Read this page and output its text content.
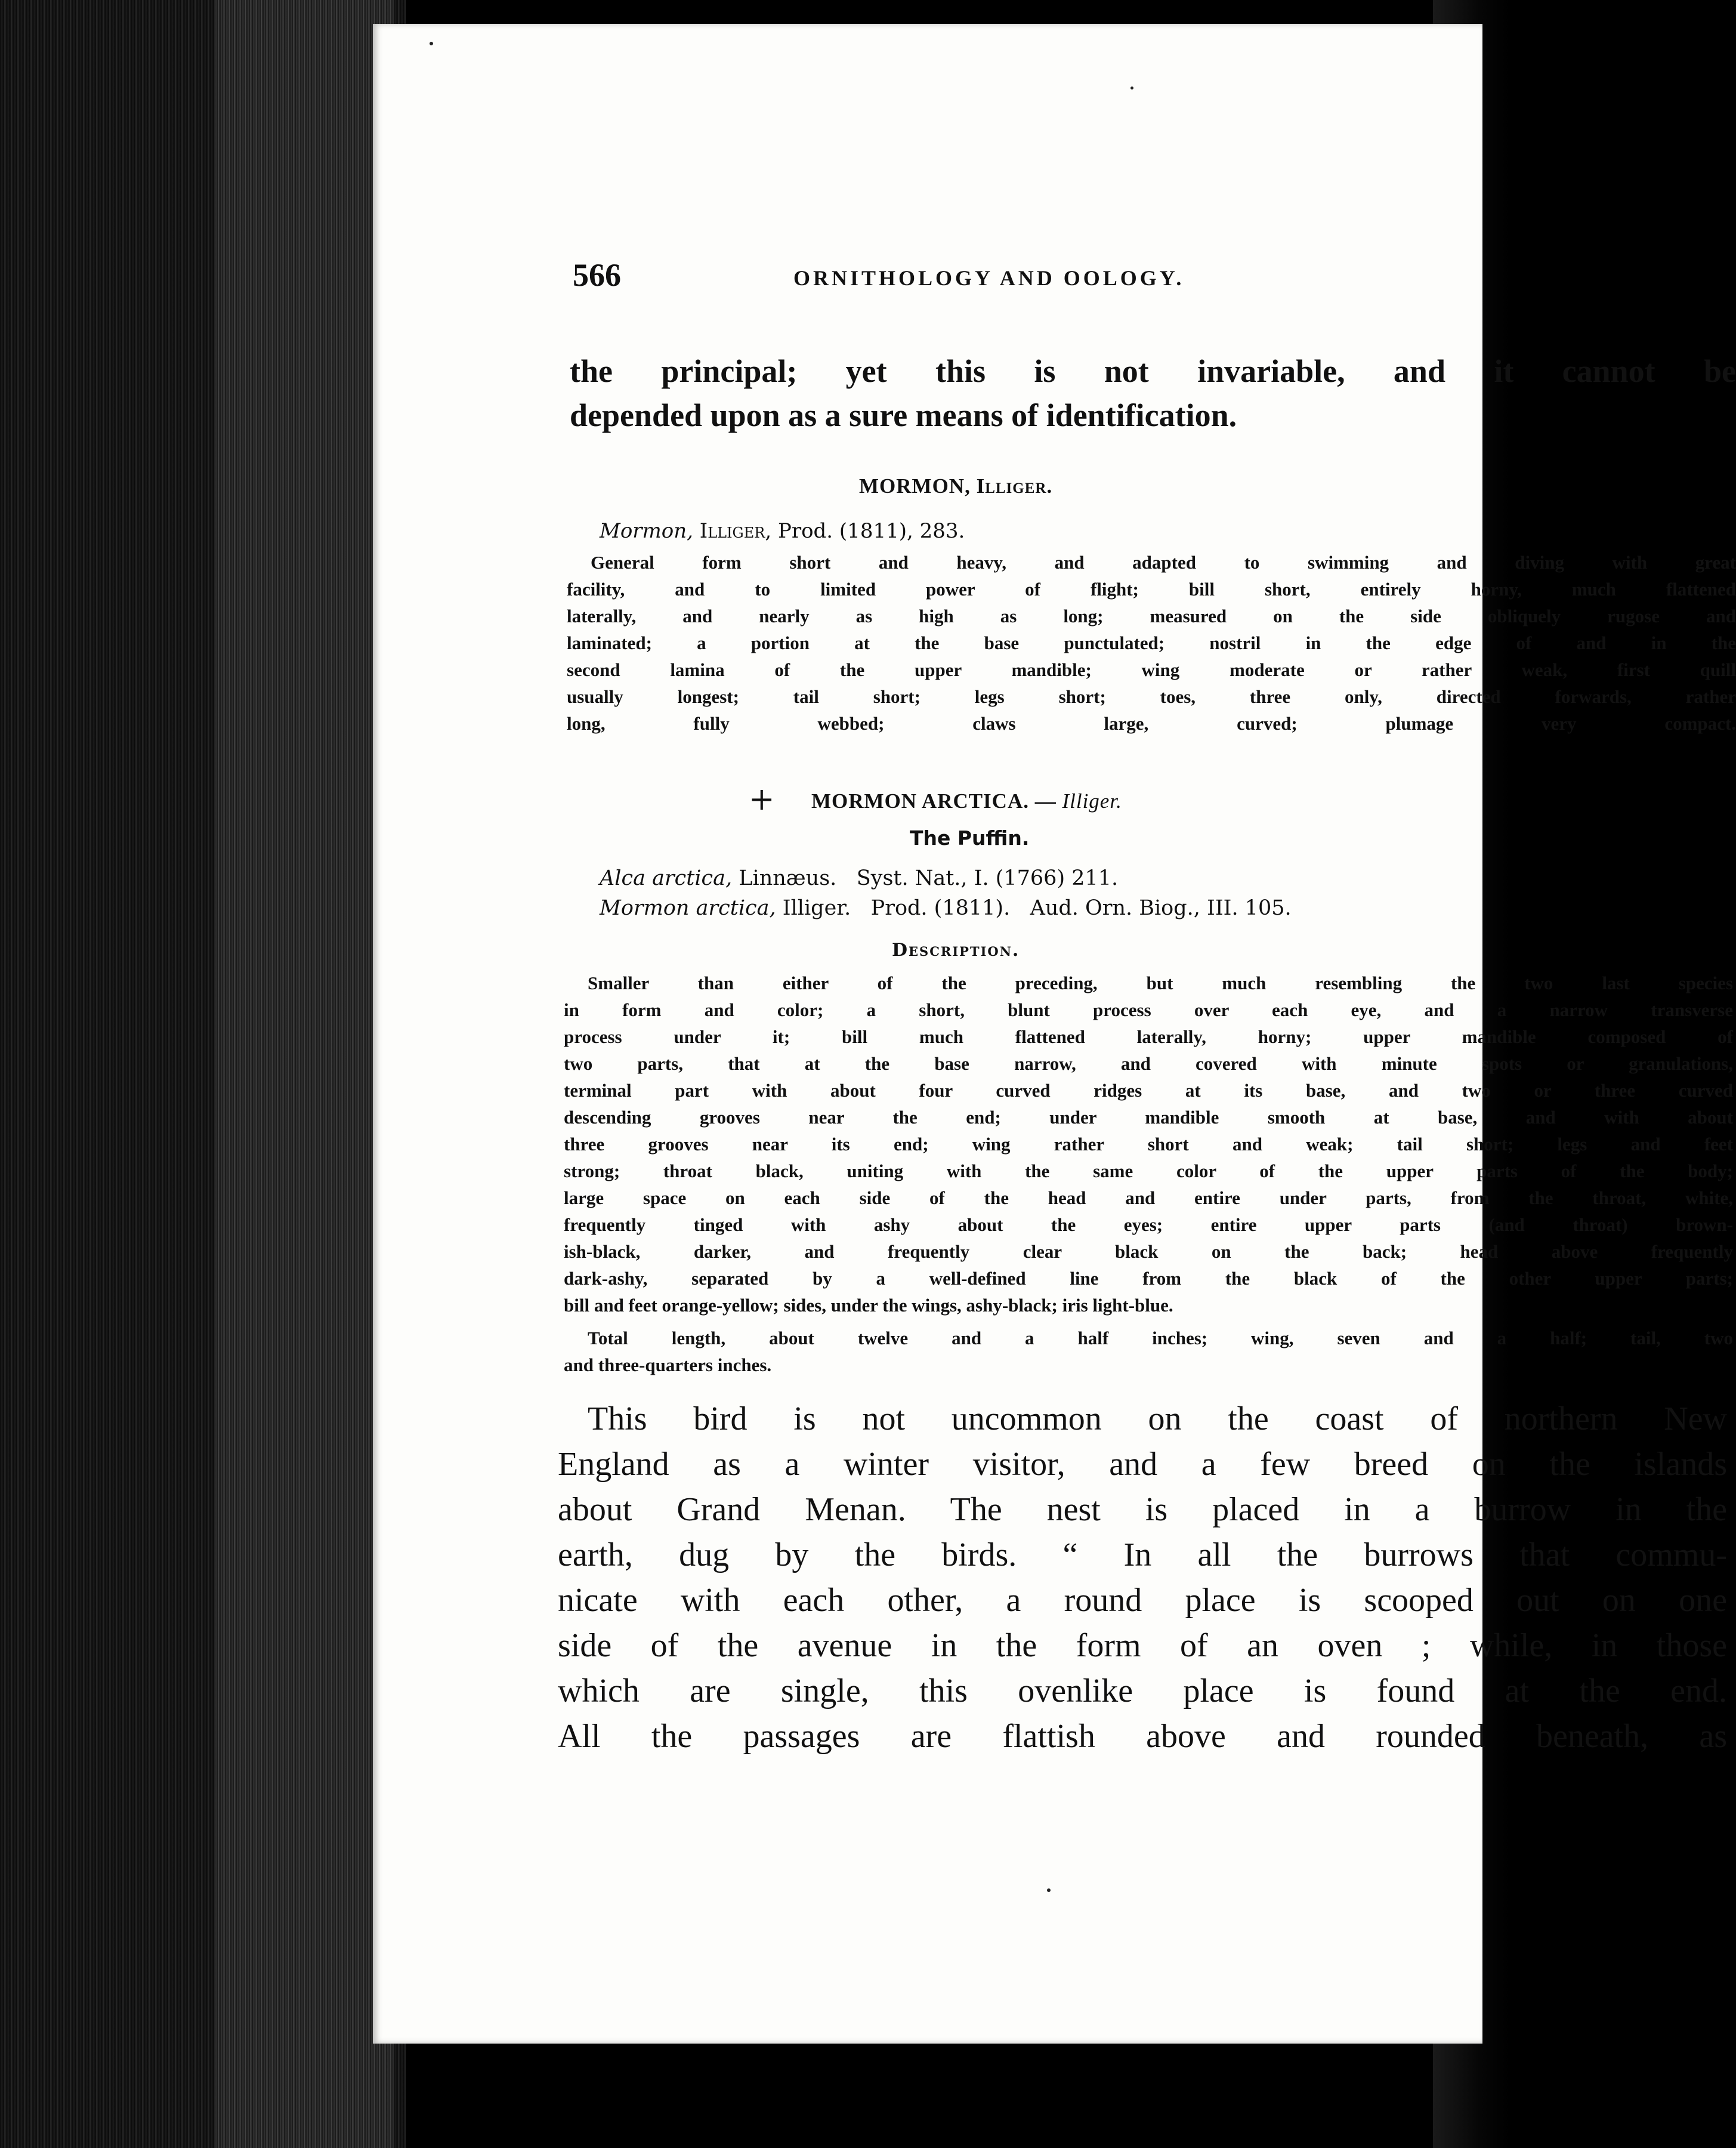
566	ORNITHOLOGY AND OOLOGY.
the principal; yet this is not invariable, and it cannot be
depended upon as a sure means of identification.
MORMON, Illiger.
Mormon, Illiger, Prod. (1811), 283.
General form short and heavy, and adapted to swimming and diving with great
facility, and to limited power of flight; bill short, entirely horny, much flattened
laterally, and nearly as high as long; measured on the side obliquely rugose and
laminated; a portion at the base punctulated; nostril in the edge of and in the
second lamina of the upper mandible; wing moderate or rather weak, first quill
usually longest; tail short; legs short; toes, three only, directed forwards, rather
long, fully webbed; claws large, curved; plumage very compact.
+ MORMON ARCTICA. — Illiger.
The Puffin.
Alca arctica, Linnæus.   Syst. Nat., I. (1766) 211.
Mormon arctica, Illiger.   Prod. (1811).   Aud. Orn. Biog., III. 105.
Description.
Smaller than either of the preceding, but much resembling the two last species
in form and color; a short, blunt process over each eye, and a narrow transverse
process under it; bill much flattened laterally, horny; upper mandible composed of
two parts, that at the base narrow, and covered with minute spots or granulations,
terminal part with about four curved ridges at its base, and two or three curved
descending grooves near the end; under mandible smooth at base, and with about
three grooves near its end; wing rather short and weak; tail short; legs and feet
strong; throat black, uniting with the same color of the upper parts of the body;
large space on each side of the head and entire under parts, from the throat, white,
frequently tinged with ashy about the eyes; entire upper parts (and throat) brown-
ish-black, darker, and frequently clear black on the back; head above frequently
dark-ashy, separated by a well-defined line from the black of the other upper parts;
bill and feet orange-yellow; sides, under the wings, ashy-black; iris light-blue.
Total length, about twelve and a half inches; wing, seven and a half; tail, two
and three-quarters inches.
This bird is not uncommon on the coast of northern New
England as a winter visitor, and a few breed on the islands
about Grand Menan. The nest is placed in a burrow in the
earth, dug by the birds. “ In all the burrows that commu-
nicate with each other, a round place is scooped out on one
side of the avenue in the form of an oven ; while, in those
which are single, this ovenlike place is found at the end.
All the passages are flattish above and rounded beneath, as
